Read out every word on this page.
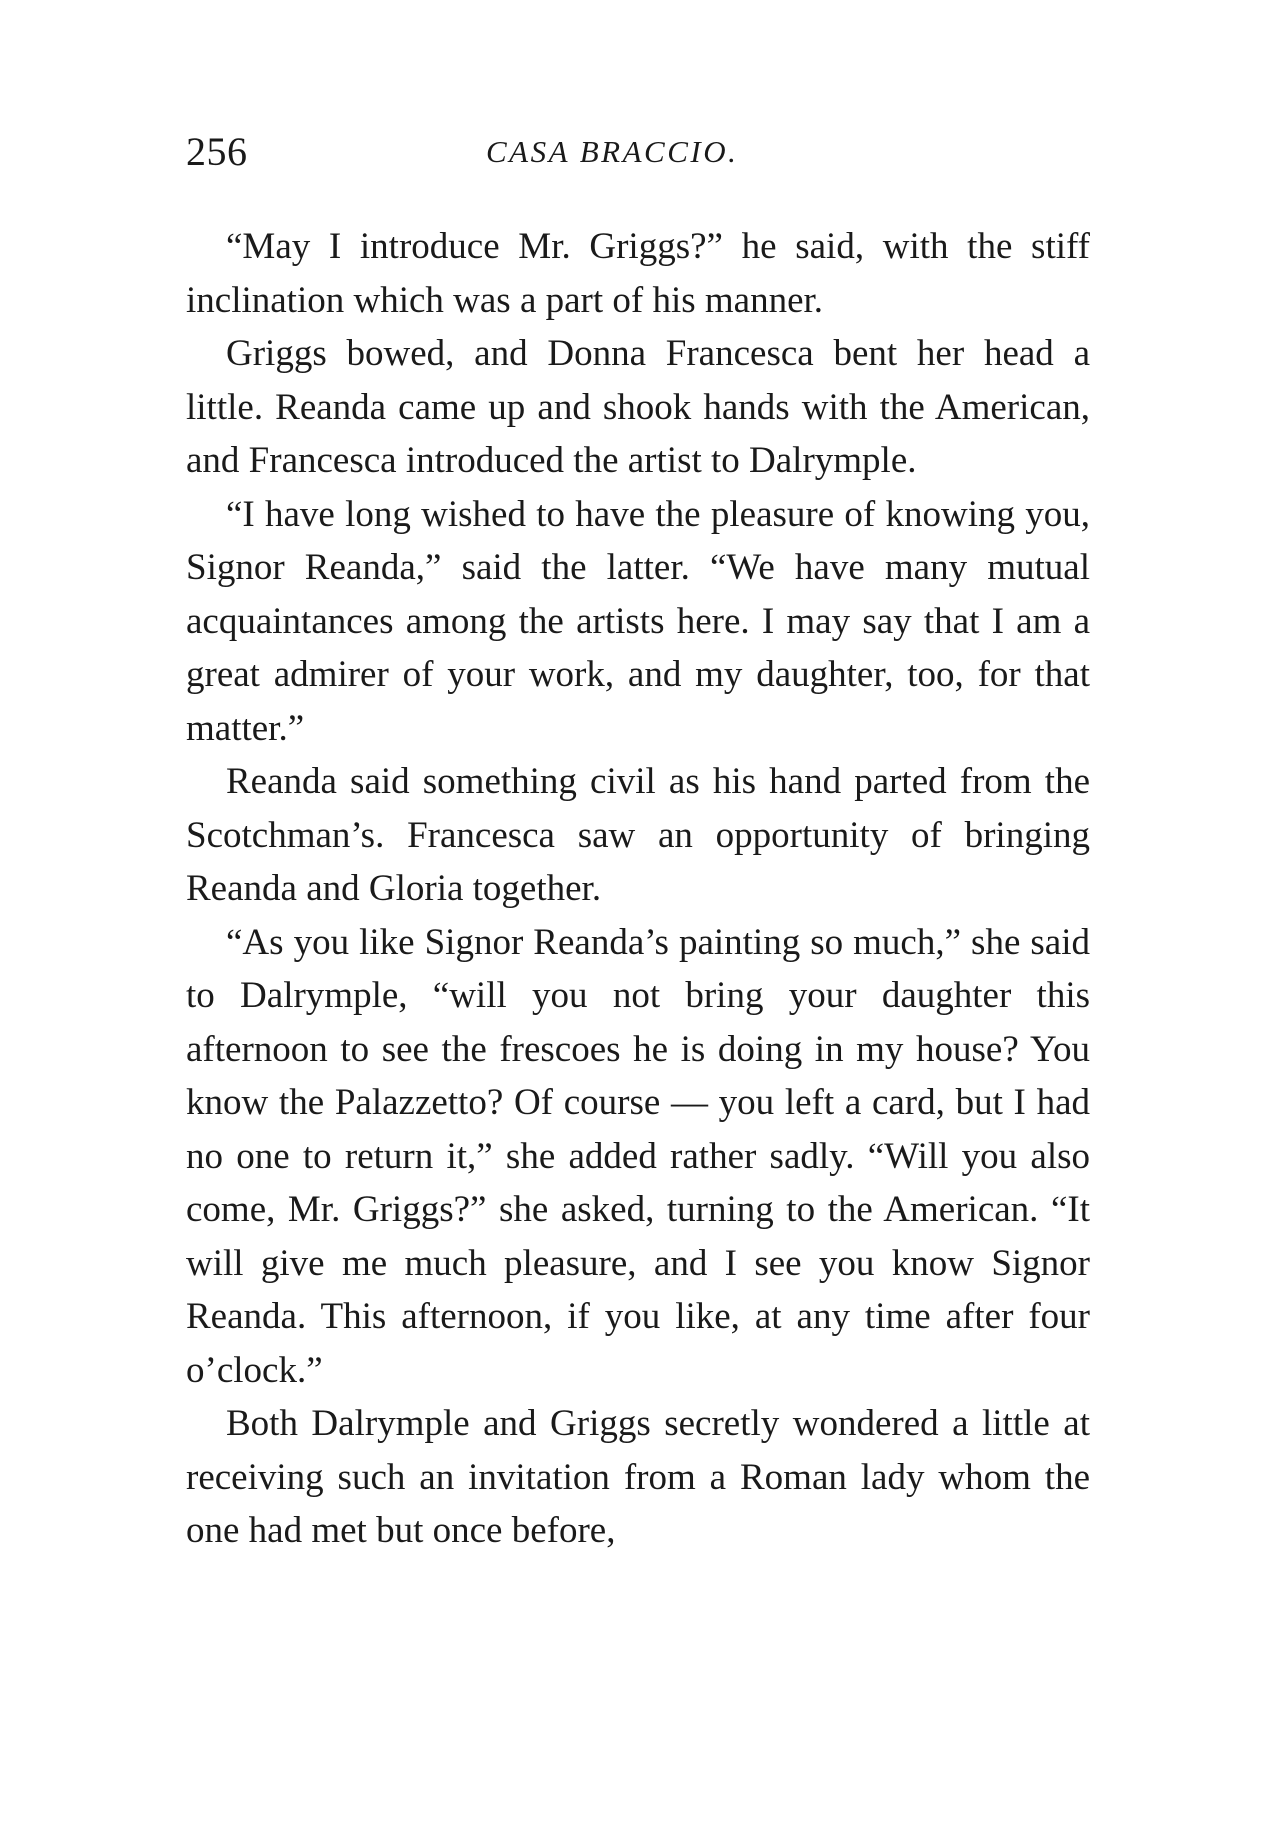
256	CASA BRACCIO.

“May I introduce Mr. Griggs?” he said, with the stiff inclination which was a part of his manner.

Griggs bowed, and Donna Francesca bent her head a little. Reanda came up and shook hands with the American, and Francesca introduced the artist to Dalrymple.

“I have long wished to have the pleasure of knowing you, Signor Reanda,” said the latter. “We have many mutual acquaintances among the artists here. I may say that I am a great admirer of your work, and my daughter, too, for that matter.”

Reanda said something civil as his hand parted from the Scotchman’s. Francesca saw an opportunity of bringing Reanda and Gloria together.

“As you like Signor Reanda’s painting so much,” she said to Dalrymple, “will you not bring your daughter this afternoon to see the frescoes he is doing in my house? You know the Palazzetto? Of course — you left a card, but I had no one to return it,” she added rather sadly. “Will you also come, Mr. Griggs?” she asked, turning to the American. “It will give me much pleasure, and I see you know Signor Reanda. This afternoon, if you like, at any time after four o’clock.”

Both Dalrymple and Griggs secretly wondered a little at receiving such an invitation from a Roman lady whom the one had met but once before,
